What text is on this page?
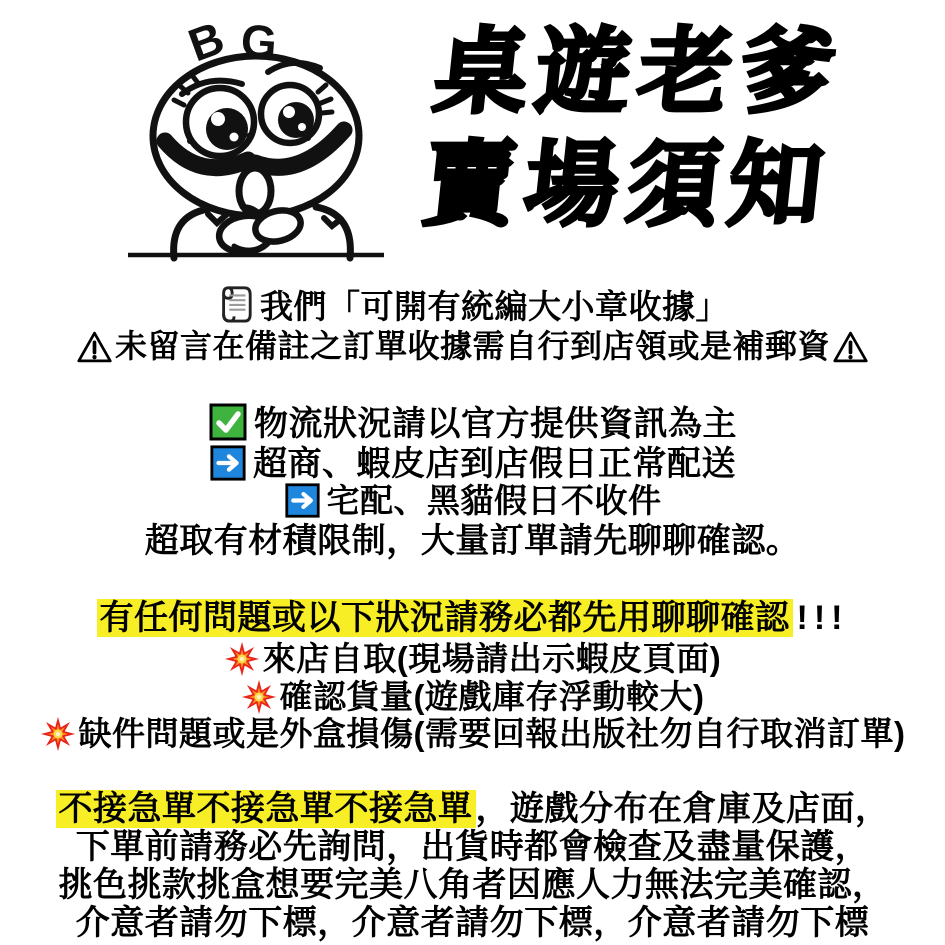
B G 桌遊老爹
賣場須知
我們「可開有統編大小章收據」
未留言在備註之訂單收據需自行到店領或是補郵資
物流狀況請以官方提供資訊為主
超商、蝦皮店到店假日正常配送
宅配、黑貓假日不收件
超取有材積限制，大量訂單請先聊聊確認。
有任何問題或以下狀況請務必都先用聊聊確認 !!!
來店自取(現場請出示蝦皮頁面)
確認貨量(遊戲庫存浮動較大)
缺件問題或是外盒損傷(需要回報出版社勿自行取消訂單)
不接急單不接急單不接急單，遊戲分布在倉庫及店面，
下單前請務必先詢問，出貨時都會檢查及盡量保護，
挑色挑款挑盒想要完美八角者因應人力無法完美確認，
介意者請勿下標，介意者請勿下標，介意者請勿下標
